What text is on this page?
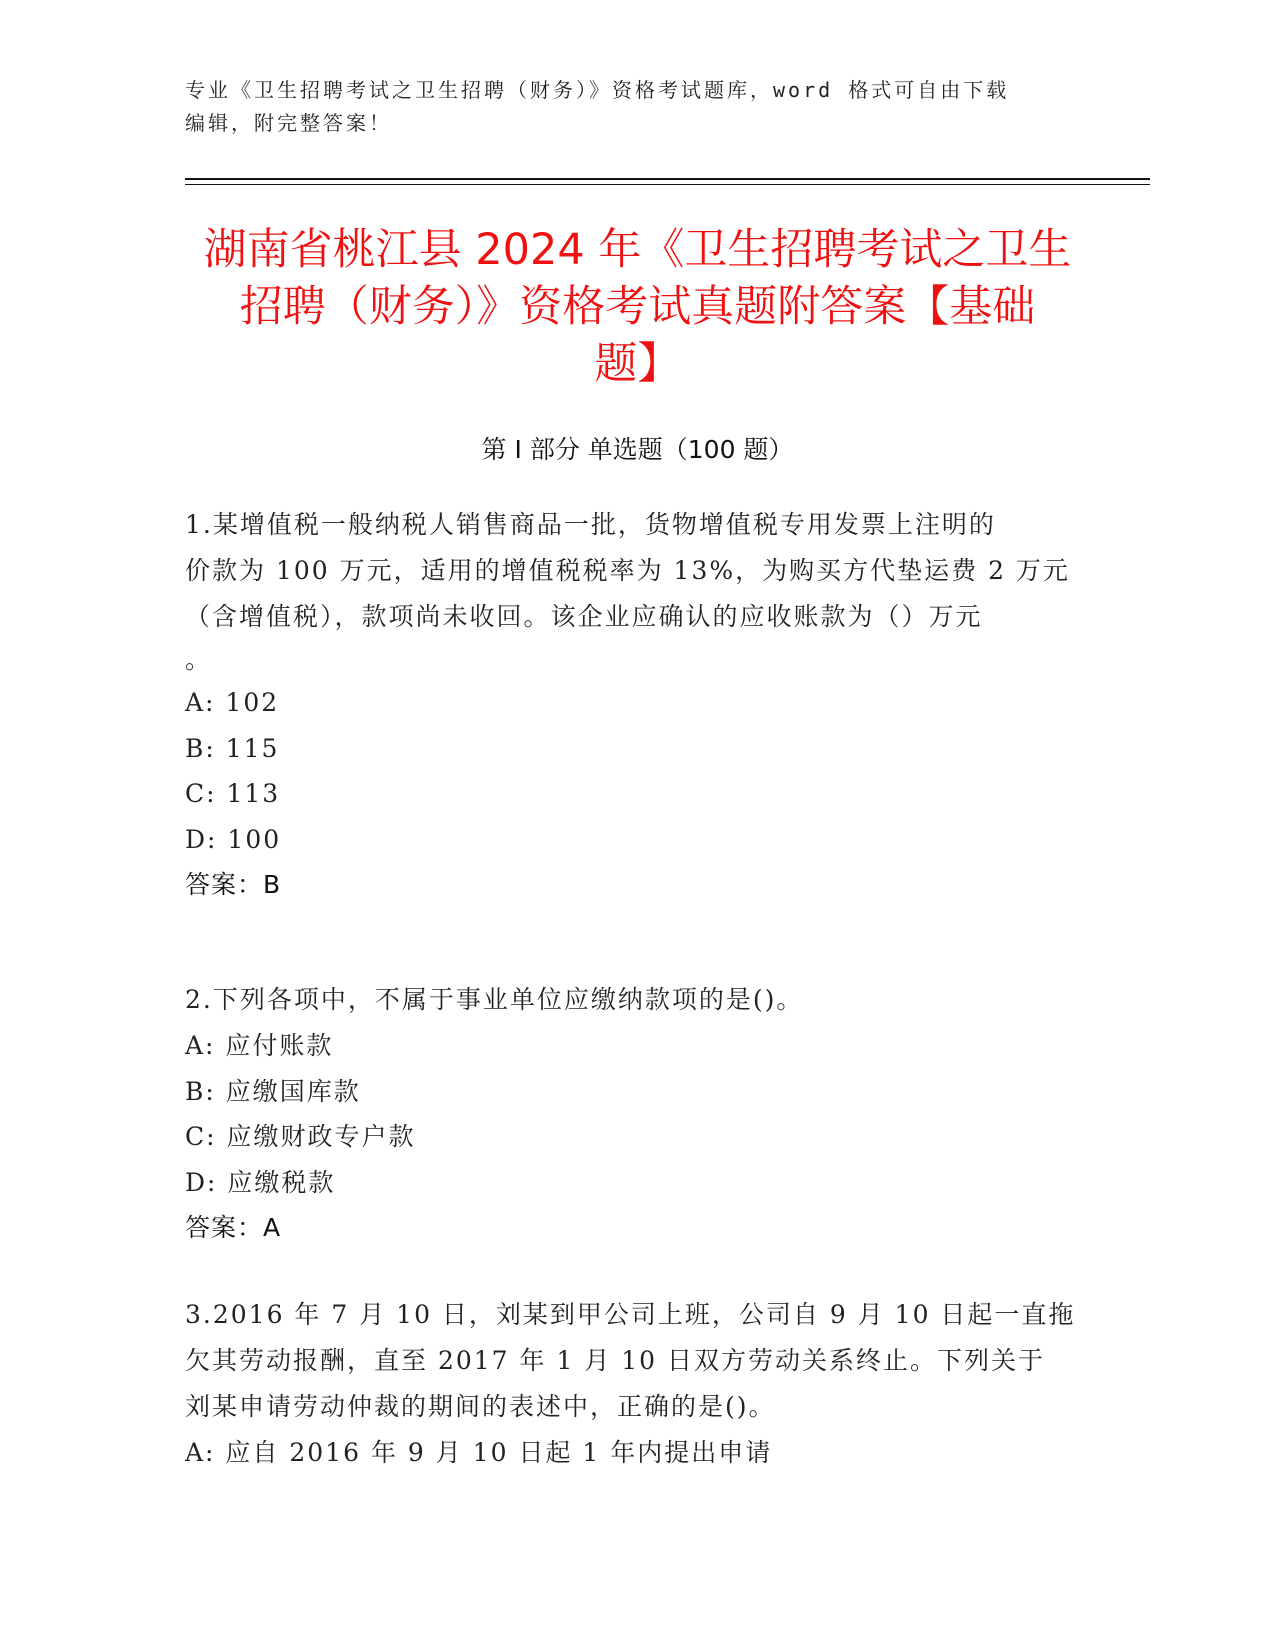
专业《卫生招聘考试之卫生招聘（财务）》资格考试题库，word 格式可自由下载
编辑，附完整答案！
湖南省桃江县 2024 年《卫生招聘考试之卫生
招聘（财务）》资格考试真题附答案【基础
题】
第 I 部分 单选题（100 题）

1.某增值税一般纳税人销售商品一批，货物增值税专用发票上注明的

价款为 100 万元，适用的增值税税率为 13%，为购买方代垫运费 2 万元

（含增值税），款项尚未收回。该企业应确认的应收账款为（）万元

。

A: 102

B: 115

C: 113

D: 100

答案：B

2.下列各项中，不属于事业单位应缴纳款项的是()。

A: 应付账款

B: 应缴国库款

C: 应缴财政专户款

D: 应缴税款

答案：A

3.2016 年 7 月 10 日，刘某到甲公司上班，公司自 9 月 10 日起一直拖

欠其劳动报酬，直至 2017 年 1 月 10 日双方劳动关系终止。下列关于

刘某申请劳动仲裁的期间的表述中，正确的是()。

A: 应自 2016 年 9 月 10 日起 1 年内提出申请
